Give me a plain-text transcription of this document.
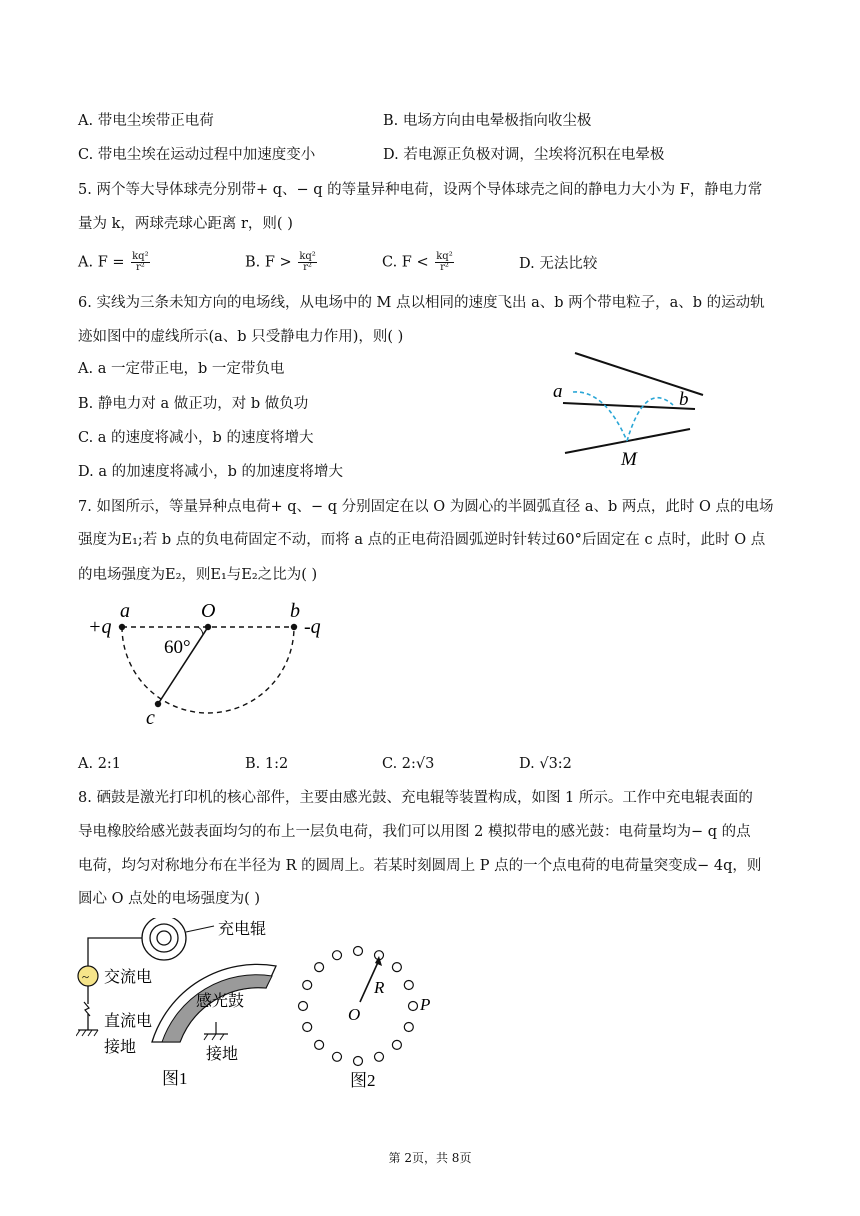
A. 带电尘埃带正电荷	B. 电场方向由电晕极指向收尘极
C. 带电尘埃在运动过程中加速度变小	D. 若电源正负极对调，尘埃将沉积在电晕极
5. 两个等大导体球壳分别带+ q、− q 的等量异种电荷，设两个导体球壳之间的静电力大小为 F，静电力常
量为 k，两球壳球心距离 r，则( )
A. $F = \frac{\text{kq²}}{\text{r²}}$	B. $F > \frac{\text{kq²}}{\text{r²}}$	C. $F < \frac{\text{kq²}}{\text{r²}}$	D. 无法比较
6. 实线为三条未知方向的电场线，从电场中的 M 点以相同的速度飞出 a、b 两个带电粒子，a、b 的运动轨
迹如图中的虚线所示(a、b 只受静电力作用)，则( )
A. a 一定带正电，b 一定带负电
B. 静电力对 a 做正功，对 b 做负功
C. a 的速度将减小，b 的速度将增大
D. a 的加速度将减小，b 的加速度将增大
a	b
M
7. 如图所示，等量异种点电荷+ q、− q 分别固定在以 O 为圆心的半圆弧直径 a、b 两点，此时 O 点的电场
强度为E₁;若 b 点的负电荷固定不动，而将 a 点的正电荷沿圆弧逆时针转过60°后固定在 c 点时，此时 O 点
的电场强度为E₂，则E₁与E₂之比为( )
+q
a	O	b
-q
60°
c
A. 2:1	B. 1:2	C. 2:√3	D. √3:2
8. 硒鼓是激光打印机的核心部件，主要由感光鼓、充电辊等装置构成，如图 1 所示。工作中充电辊表面的
导电橡胶给感光鼓表面均匀的布上一层负电荷，我们可以用图 2 模拟带电的感光鼓：电荷量均为− q 的点
电荷，均匀对称地分布在半径为 R 的圆周上。若某时刻圆周上 P 点的一个点电荷的电荷量突变成− 4q，则
圆心 O 点处的电场强度为( )
充电辊
~ 交流电
直流电
接地
感光鼓
接地
图1
R
O
P
图2
第 2页，共 8页
